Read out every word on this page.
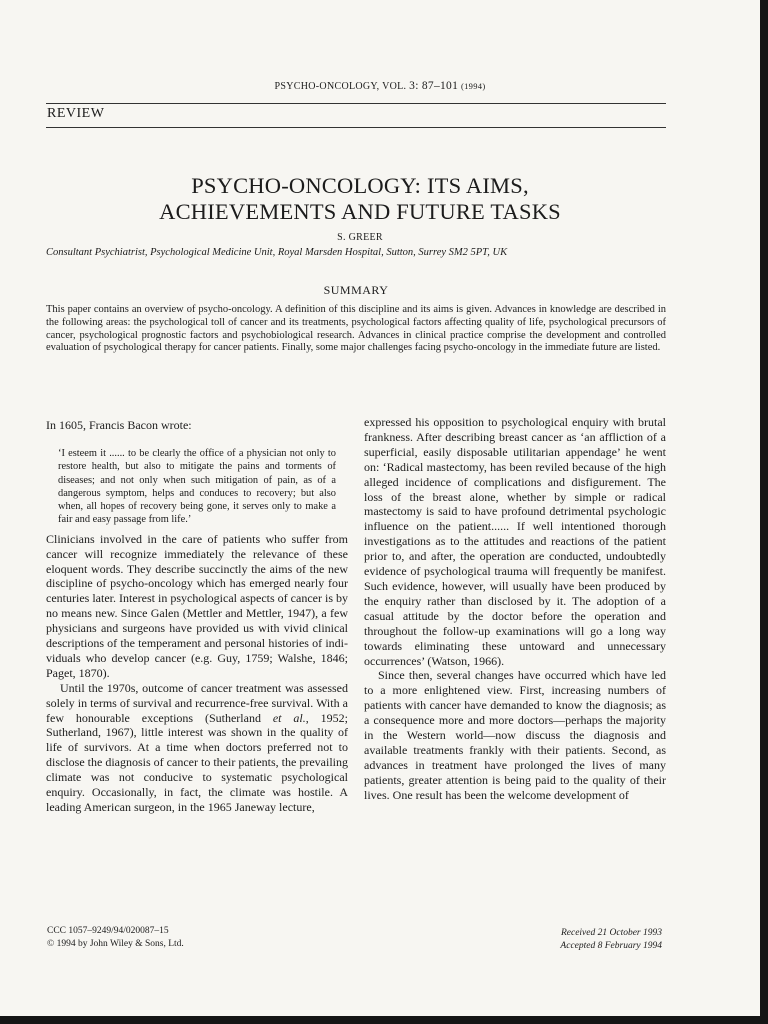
PSYCHO-ONCOLOGY, VOL. 3: 87–101 (1994)
REVIEW
PSYCHO-ONCOLOGY: ITS AIMS,
ACHIEVEMENTS AND FUTURE TASKS
S. GREER
Consultant Psychiatrist, Psychological Medicine Unit, Royal Marsden Hospital, Sutton, Surrey SM2 5PT, UK
SUMMARY
This paper contains an overview of psycho-oncology. A definition of this discipline and its aims is given. Advances in knowledge are described in the following areas: the psychological toll of cancer and its treatments, psychological factors affecting quality of life, psychological precursors of cancer, psychological prognostic factors and psychobiological research. Advances in clinical practice comprise the development and controlled evaluation of psychological therapy for cancer patients. Finally, some major challenges facing psycho-oncology in the immediate future are listed.

In 1605, Francis Bacon wrote:

‘I esteem it ...... to be clearly the office of a physician not only to restore health, but also to mitigate the pains and torments of diseases; and not only when such mitigation of pain, as of a dangerous symptom, helps and conduces to recovery; but also when, all hopes of recovery being gone, it serves only to make a fair and easy passage from life.’

Clinicians involved in the care of patients who suffer from cancer will recognize immediately the relevance of these eloquent words. They describe succinctly the aims of the new discipline of psycho-oncology which has emerged nearly four centuries later. Interest in psychological aspects of cancer is by no means new. Since Galen (Mettler and Mettler, 1947), a few physicians and surgeons have provided us with vivid clinical descriptions of the temperament and personal histories of individuals who develop cancer (e.g. Guy, 1759; Walshe, 1846; Paget, 1870).

Until the 1970s, outcome of cancer treatment was assessed solely in terms of survival and recurrence-free survival. With a few honourable exceptions (Sutherland et al., 1952; Sutherland, 1967), little interest was shown in the quality of life of survivors. At a time when doctors preferred not to disclose the diagnosis of cancer to their patients, the prevailing climate was not conducive to systematic psychological enquiry. Occasionally, in fact, the climate was hostile. A leading American surgeon, in the 1965 Janeway lecture,

expressed his opposition to psychological enquiry with brutal frankness. After describing breast cancer as ‘an affliction of a superficial, easily disposable utilitarian appendage’ he went on: ‘Radical mastectomy, has been reviled because of the high alleged incidence of complications and disfigurement. The loss of the breast alone, whether by simple or radical mastectomy is said to have profound detrimental psychologic influence on the patient...... If well intentioned thorough investigations as to the attitudes and reactions of the patient prior to, and after, the operation are conducted, undoubtedly evidence of psychological trauma will frequently be manifest. Such evidence, however, will usually have been produced by the enquiry rather than disclosed by it. The adoption of a casual attitude by the doctor before the operation and throughout the follow-up examinations will go a long way towards eliminating these untoward and unnecessary occurrences’ (Watson, 1966).

Since then, several changes have occurred which have led to a more enlightened view. First, increasing numbers of patients with cancer have demanded to know the diagnosis; as a consequence more and more doctors—perhaps the majority in the Western world—now discuss the diagnosis and available treatments frankly with their patients. Second, as advances in treatment have prolonged the lives of many patients, greater attention is being paid to the quality of their lives. One result has been the welcome development of

CCC 1057–9249/94/020087–15
© 1994 by John Wiley & Sons, Ltd.
Received 21 October 1993
Accepted 8 February 1994
